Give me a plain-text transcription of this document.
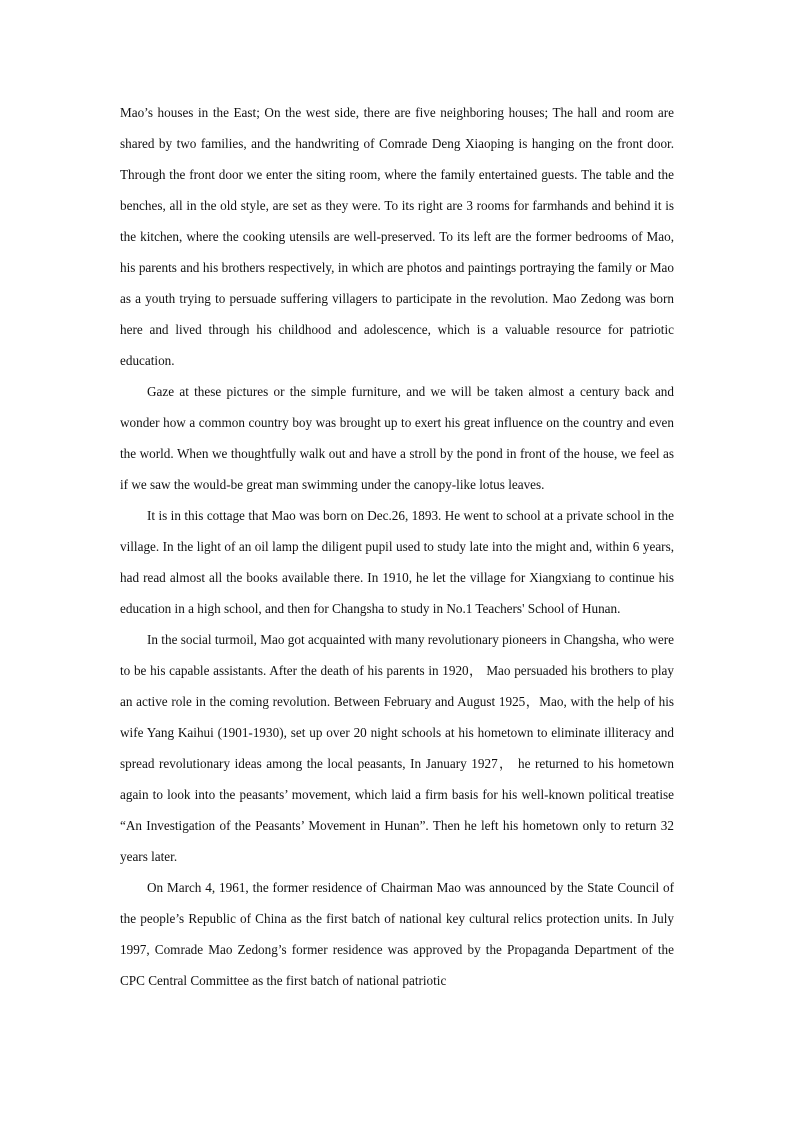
Mao’s houses in the East; On the west side, there are five neighboring houses; The hall and room are shared by two families, and the handwriting of Comrade Deng Xiaoping is hanging on the front door. Through the front door we enter the siting room, where the family entertained guests. The table and the benches, all in the old style, are set as they were. To its right are 3 rooms for farmhands and behind it is the kitchen, where the cooking utensils are well-preserved. To its left are the former bedrooms of Mao, his parents and his brothers respectively, in which are photos and paintings portraying the family or Mao as a youth trying to persuade suffering villagers to participate in the revolution. Mao Zedong was born here and lived through his childhood and adolescence, which is a valuable resource for patriotic education.

Gaze at these pictures or the simple furniture, and we will be taken almost a century back and wonder how a common country boy was brought up to exert his great influence on the country and even the world. When we thoughtfully walk out and have a stroll by the pond in front of the house, we feel as if we saw the would-be great man swimming under the canopy-like lotus leaves.

It is in this cottage that Mao was born on Dec.26, 1893. He went to school at a private school in the village. In the light of an oil lamp the diligent pupil used to study late into the might and, within 6 years, had read almost all the books available there. In 1910, he let the village for Xiangxiang to continue his education in a high school, and then for Changsha to study in No.1 Teachers' School of Hunan.

In the social turmoil, Mao got acquainted with many revolutionary pioneers in Changsha, who were to be his capable assistants. After the death of his parents in 1920， Mao persuaded his brothers to play an active role in the coming revolution. Between February and August 1925，Mao, with the help of his wife Yang Kaihui (1901-1930), set up over 20 night schools at his hometown to eliminate illiteracy and spread revolutionary ideas among the local peasants, In January 1927， he returned to his hometown again to look into the peasants’ movement, which laid a firm basis for his well-known political treatise “An Investigation of the Peasants’ Movement in Hunan”. Then he left his hometown only to return 32 years later.

On March 4, 1961, the former residence of Chairman Mao was announced by the State Council of the people’s Republic of China as the first batch of national key cultural relics protection units. In July 1997, Comrade Mao Zedong’s former residence was approved by the Propaganda Department of the CPC Central Committee as the first batch of national patriotic
